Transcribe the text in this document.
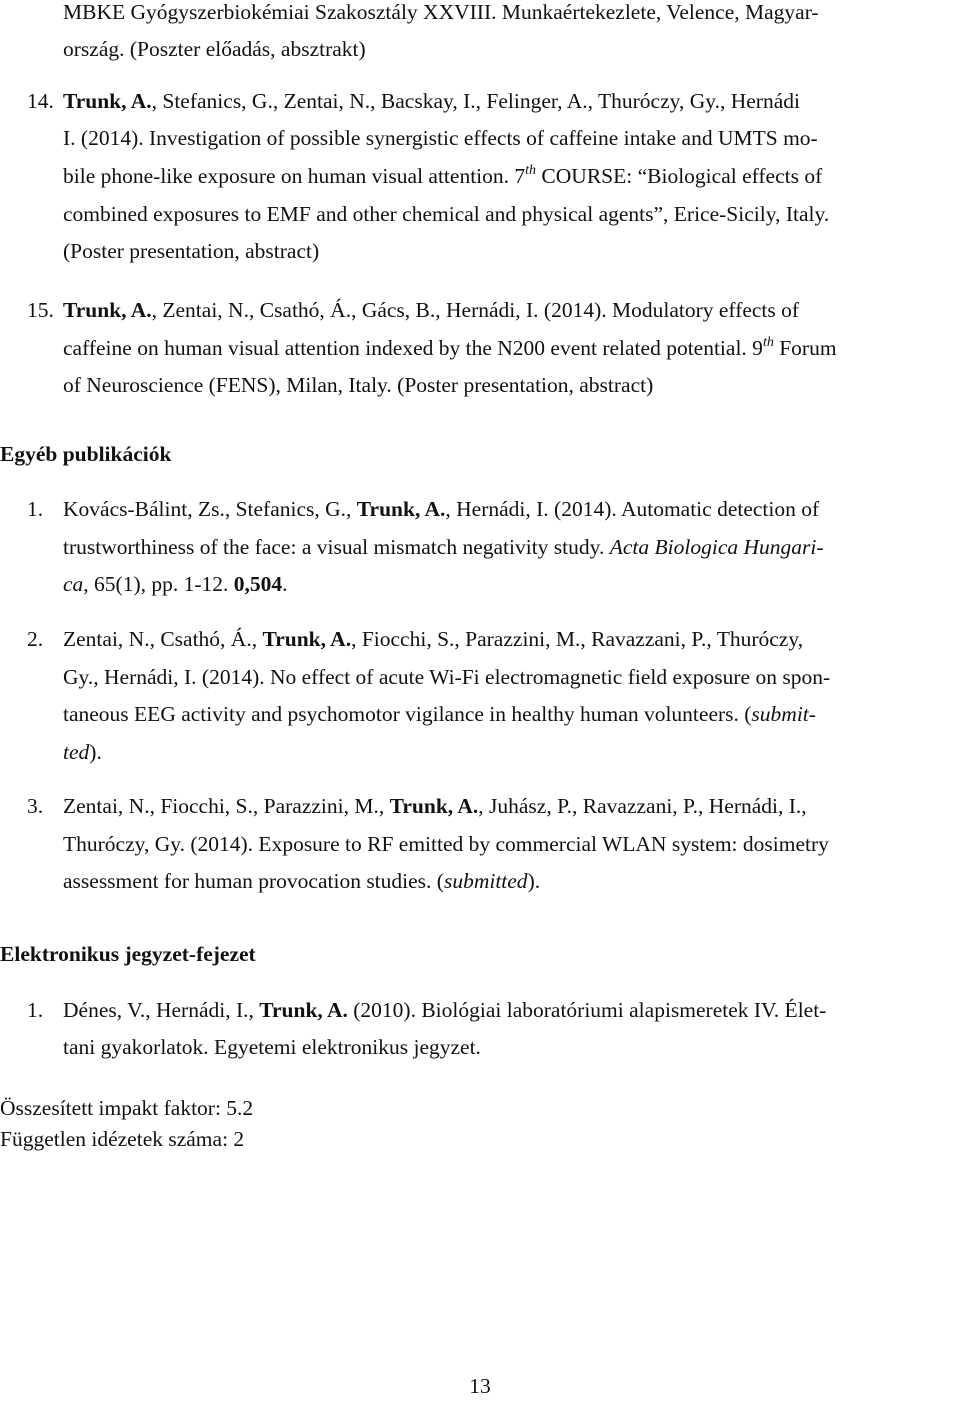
MBKE Gyógyszerbiokémiai Szakosztály XXVIII. Munkaértekezlete, Velence, Magyar-
ország. (Poszter előadás, absztrakt)
14. Trunk, A., Stefanics, G., Zentai, N., Bacskay, I., Felinger, A., Thuróczy, Gy., Hernádi
I. (2014). Investigation of possible synergistic effects of caffeine intake and UMTS mo-
bile phone-like exposure on human visual attention. 7th COURSE: “Biological effects of
combined exposures to EMF and other chemical and physical agents”, Erice-Sicily, Italy.
(Poster presentation, abstract)
15. Trunk, A., Zentai, N., Csathó, Á., Gács, B., Hernádi, I. (2014). Modulatory effects of
caffeine on human visual attention indexed by the N200 event related potential. 9th Forum
of Neuroscience (FENS), Milan, Italy. (Poster presentation, abstract)
Egyéb publikációk
1. Kovács-Bálint, Zs., Stefanics, G., Trunk, A., Hernádi, I. (2014). Automatic detection of
trustworthiness of the face: a visual mismatch negativity study. Acta Biologica Hungari-
ca, 65(1), pp. 1-12. 0,504.
2. Zentai, N., Csathó, Á., Trunk, A., Fiocchi, S., Parazzini, M., Ravazzani, P., Thuróczy,
Gy., Hernádi, I. (2014). No effect of acute Wi-Fi electromagnetic field exposure on spon-
taneous EEG activity and psychomotor vigilance in healthy human volunteers. (submit-
ted).
3. Zentai, N., Fiocchi, S., Parazzini, M., Trunk, A., Juhász, P., Ravazzani, P., Hernádi, I.,
Thuróczy, Gy. (2014). Exposure to RF emitted by commercial WLAN system: dosimetry
assessment for human provocation studies. (submitted).
Elektronikus jegyzet-fejezet
1. Dénes, V., Hernádi, I., Trunk, A. (2010). Biológiai laboratóriumi alapismeretek IV. Élet-
tani gyakorlatok. Egyetemi elektronikus jegyzet.
Összesített impakt faktor: 5.2
Független idézetek száma: 2
13
